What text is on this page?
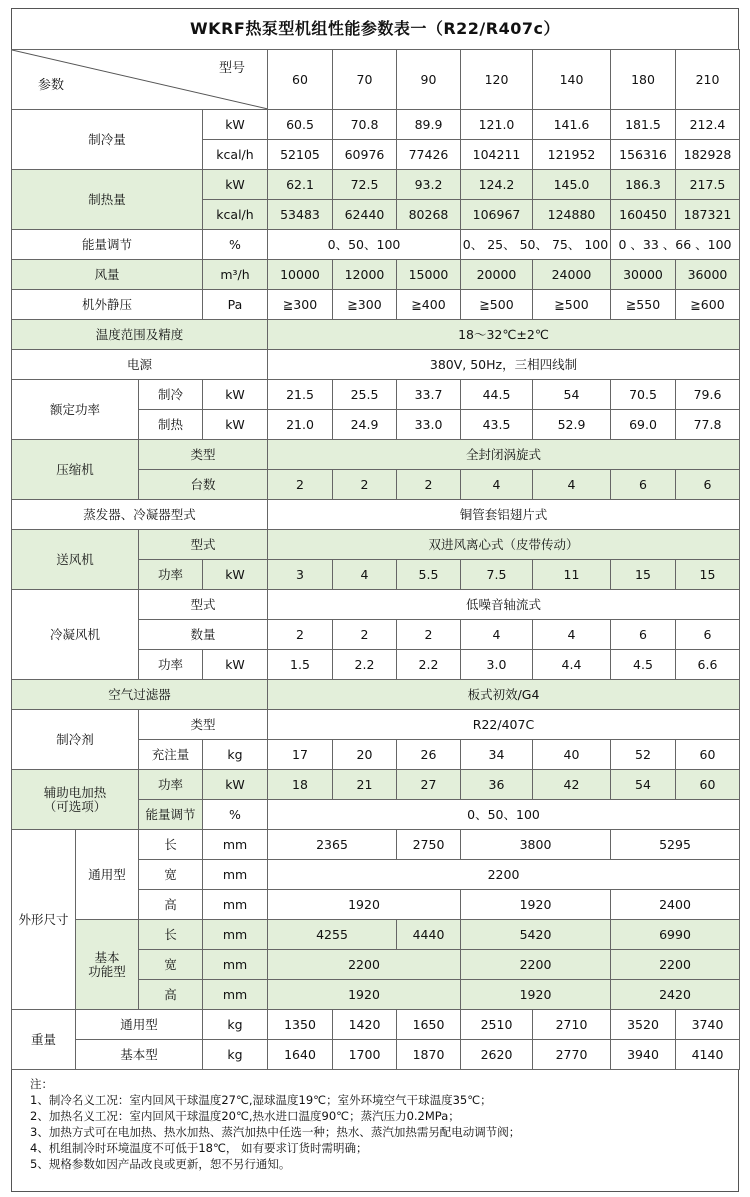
WKRF热泵型机组性能参数表一（R22/R407c）
参数
型号				60	70	90	120	140	180	210
制冷量			kW	60.5	70.8	89.9	121.0	141.6	181.5	212.4
			kcal/h	52105	60976	77426	104211	121952	156316	182928
制热量			kW	62.1	72.5	93.2	124.2	145.0	186.3	217.5
			kcal/h	53483	62440	80268	106967	124880	160450	187321
能量调节			%	0、50、100			0、 25、 50、 75、 100		0 、33 、66 、100	
风量			m³/h	10000	12000	15000	20000	24000	30000	36000
机外静压			Pa	≧300	≧300	≧400	≧500	≧500	≧550	≧600
温度范围及精度				18～32℃±2℃						
电源				380V, 50Hz，三相四线制						
额定功率		制冷	kW	21.5	25.5	33.7	44.5	54	70.5	79.6
		制热	kW	21.0	24.9	33.0	43.5	52.9	69.0	77.8
压缩机		类型		全封闭涡旋式						
		台数		2	2	2	4	4	6	6
蒸发器、冷凝器型式				铜管套铝翅片式						
送风机		型式		双进风离心式（皮带传动）						
		功率	kW	3	4	5.5	7.5	11	15	15
冷凝风机		型式		低噪音轴流式						
		数量		2	2	2	4	4	6	6
		功率	kW	1.5	2.2	2.2	3.0	4.4	4.5	6.6
空气过滤器				板式初效/G4						
制冷剂		类型		R22/407C						
		充注量	kg	17	20	26	34	40	52	60
辅助电加热
（可选项）		功率	kW	18	21	27	36	42	54	60
		能量调节	%	0、50、100						
外形尺寸	通用型	长	mm	2365		2750	3800		5295	
		宽	mm	2200						
		高	mm	1920			1920		2400	
	基本
功能型	长	mm	4255		4440	5420		6990	
		宽	mm	2200			2200		2200	
		高	mm	1920			1920		2420	
重量	通用型		kg	1350	1420	1650	2510	2710	3520	3740
	基本型		kg	1640	1700	1870	2620	2770	3940	4140
注：
1、制冷名义工况：室内回风干球温度27℃,湿球温度19℃；室外环境空气干球温度35℃；
2、加热名义工况：室内回风干球温度20℃,热水进口温度90℃；蒸汽压力0.2MPa；
3、加热方式可在电加热、热水加热、蒸汽加热中任选一种；热水、蒸汽加热需另配电动调节阀；
4、机组制冷时环境温度不可低于18℃， 如有要求订货时需明确；
5、规格参数如因产品改良或更新，恕不另行通知。
